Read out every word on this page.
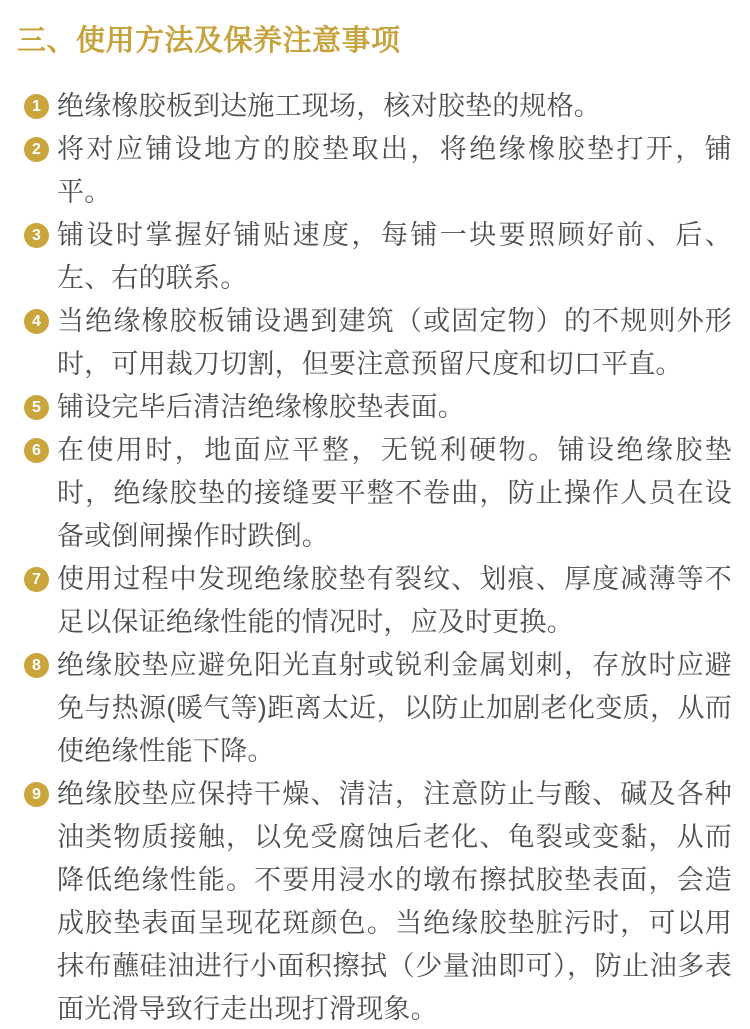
三、使用方法及保养注意事项
1 绝缘橡胶板到达施工现场，核对胶垫的规格。
2 将对应铺设地方的胶垫取出，将绝缘橡胶垫打开，铺平。
3 铺设时掌握好铺贴速度，每铺一块要照顾好前、后、左、右的联系。
4 当绝缘橡胶板铺设遇到建筑（或固定物）的不规则外形时，可用裁刀切割，但要注意预留尺度和切口平直。
5 铺设完毕后清洁绝缘橡胶垫表面。
6 在使用时，地面应平整，无锐利硬物。铺设绝缘胶垫时，绝缘胶垫的接缝要平整不卷曲，防止操作人员在设备或倒闸操作时跌倒。
7 使用过程中发现绝缘胶垫有裂纹、划痕、厚度减薄等不足以保证绝缘性能的情况时，应及时更换。
8 绝缘胶垫应避免阳光直射或锐利金属划刺，存放时应避免与热源(暖气等)距离太近，以防止加剧老化变质，从而使绝缘性能下降。
9 绝缘胶垫应保持干燥、清洁，注意防止与酸、碱及各种油类物质接触，以免受腐蚀后老化、龟裂或变黏，从而降低绝缘性能。不要用浸水的墩布擦拭胶垫表面，会造成胶垫表面呈现花斑颜色。当绝缘胶垫脏污时，可以用抹布蘸硅油进行小面积擦拭（少量油即可），防止油多表面光滑导致行走出现打滑现象。
